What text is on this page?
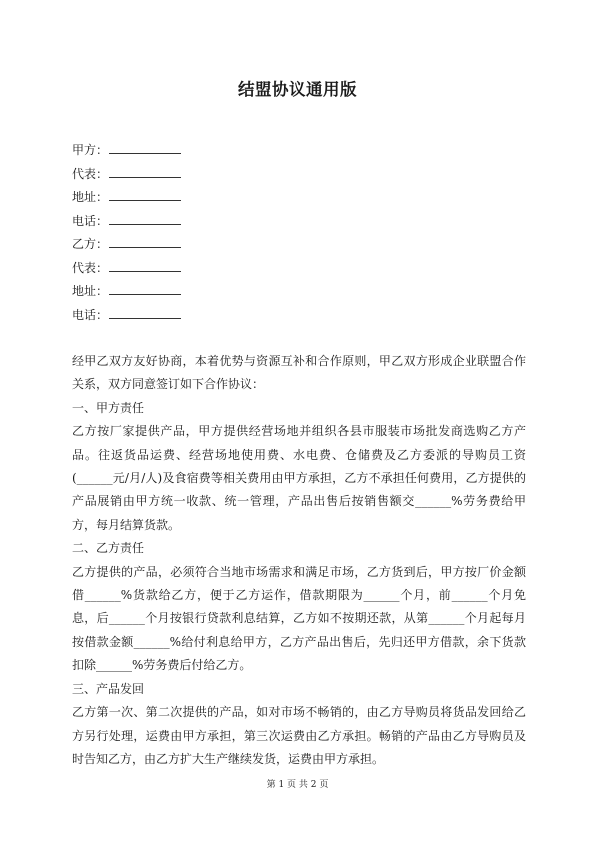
结盟协议通用版
甲方：
代表：
地址：
电话：
乙方：
代表：
地址：
电话：

经甲乙双方友好协商，本着优势与资源互补和合作原则，甲乙双方形成企业联盟合作关系，双方同意签订如下合作协议：

一、甲方责任

乙方按厂家提供产品，甲方提供经营场地并组织各县市服装市场批发商选购乙方产品。往返货品运费、经营场地使用费、水电费、仓储费及乙方委派的导购员工资(______元/月/人)及食宿费等相关费用由甲方承担，乙方不承担任何费用，乙方提供的产品展销由甲方统一收款、统一管理，产品出售后按销售额交______%劳务费给甲方，每月结算货款。

二、乙方责任

乙方提供的产品，必须符合当地市场需求和满足市场，乙方货到后，甲方按厂价金额借______%货款给乙方，便于乙方运作，借款期限为______个月，前______个月免息，后______个月按银行贷款利息结算，乙方如不按期还款，从第______个月起每月按借款金额______%给付利息给甲方，乙方产品出售后，先归还甲方借款，余下货款扣除______%劳务费后付给乙方。

三、产品发回

乙方第一次、第二次提供的产品，如对市场不畅销的，由乙方导购员将货品发回给乙方另行处理，运费由甲方承担，第三次运费由乙方承担。畅销的产品由乙方导购员及时告知乙方，由乙方扩大生产继续发货，运费由甲方承担。

第 1 页 共 2 页
